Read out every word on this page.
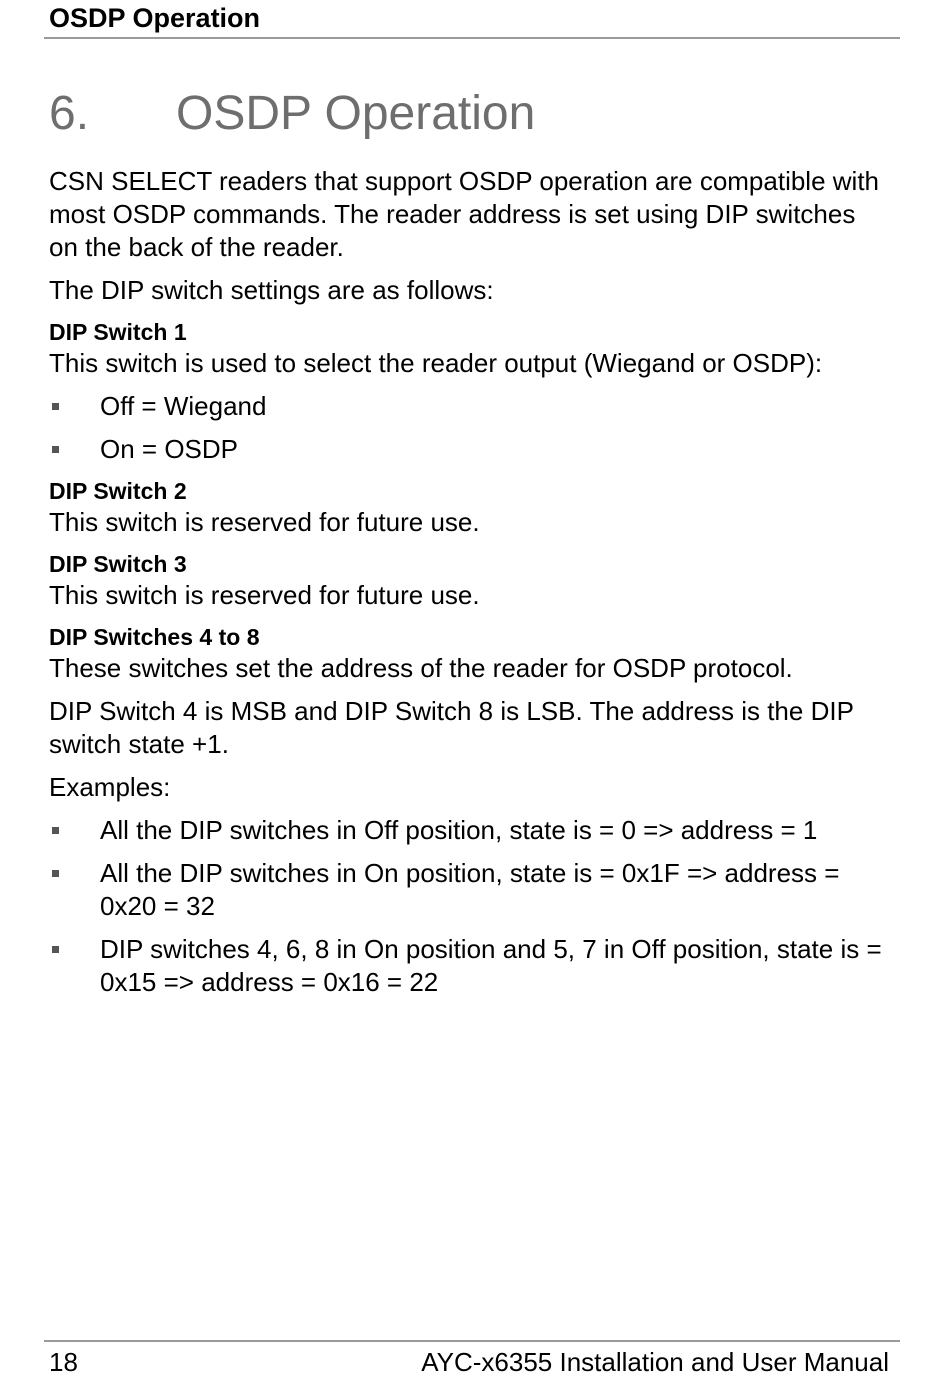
OSDP Operation
6. OSDP Operation

CSN SELECT readers that support OSDP operation are compatible with most OSDP commands. The reader address is set using DIP switches on the back of the reader.

The DIP switch settings are as follows:

DIP Switch 1

This switch is used to select the reader output (Wiegand or OSDP):

Off = Wiegand
On = OSDP

DIP Switch 2

This switch is reserved for future use.

DIP Switch 3

This switch is reserved for future use.

DIP Switches 4 to 8

These switches set the address of the reader for OSDP protocol.

DIP Switch 4 is MSB and DIP Switch 8 is LSB. The address is the DIP switch state +1.

Examples:

All the DIP switches in Off position, state is = 0 => address = 1
All the DIP switches in On position, state is = 0x1F => address = 0x20 = 32
DIP switches 4, 6, 8 in On position and 5, 7 in Off position, state is = 0x15 => address = 0x16 = 22
18	AYC-x6355 Installation and User Manual
